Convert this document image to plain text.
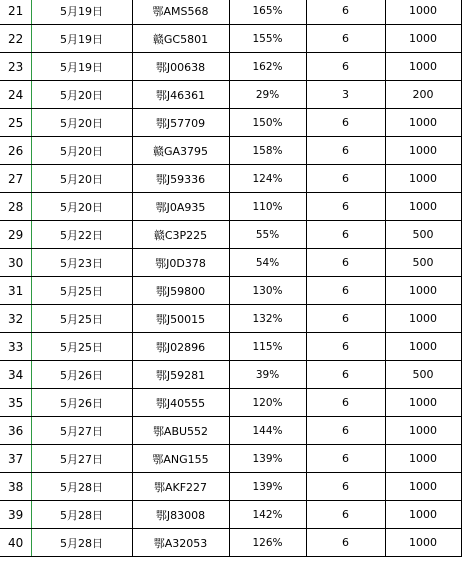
21	5月19日	鄂AMS568	165%	6	1000
22	5月19日	赣GC5801	155%	6	1000
23	5月19日	鄂J00638	162%	6	1000
24	5月20日	鄂J46361	29%	3	200
25	5月20日	鄂J57709	150%	6	1000
26	5月20日	赣GA3795	158%	6	1000
27	5月20日	鄂J59336	124%	6	1000
28	5月20日	鄂J0A935	110%	6	1000
29	5月22日	赣C3P225	55%	6	500
30	5月23日	鄂J0D378	54%	6	500
31	5月25日	鄂J59800	130%	6	1000
32	5月25日	鄂J50015	132%	6	1000
33	5月25日	鄂J02896	115%	6	1000
34	5月26日	鄂J59281	39%	6	500
35	5月26日	鄂J40555	120%	6	1000
36	5月27日	鄂ABU552	144%	6	1000
37	5月27日	鄂ANG155	139%	6	1000
38	5月28日	鄂AKF227	139%	6	1000
39	5月28日	鄂J83008	142%	6	1000
40	5月28日	鄂A32053	126%	6	1000
